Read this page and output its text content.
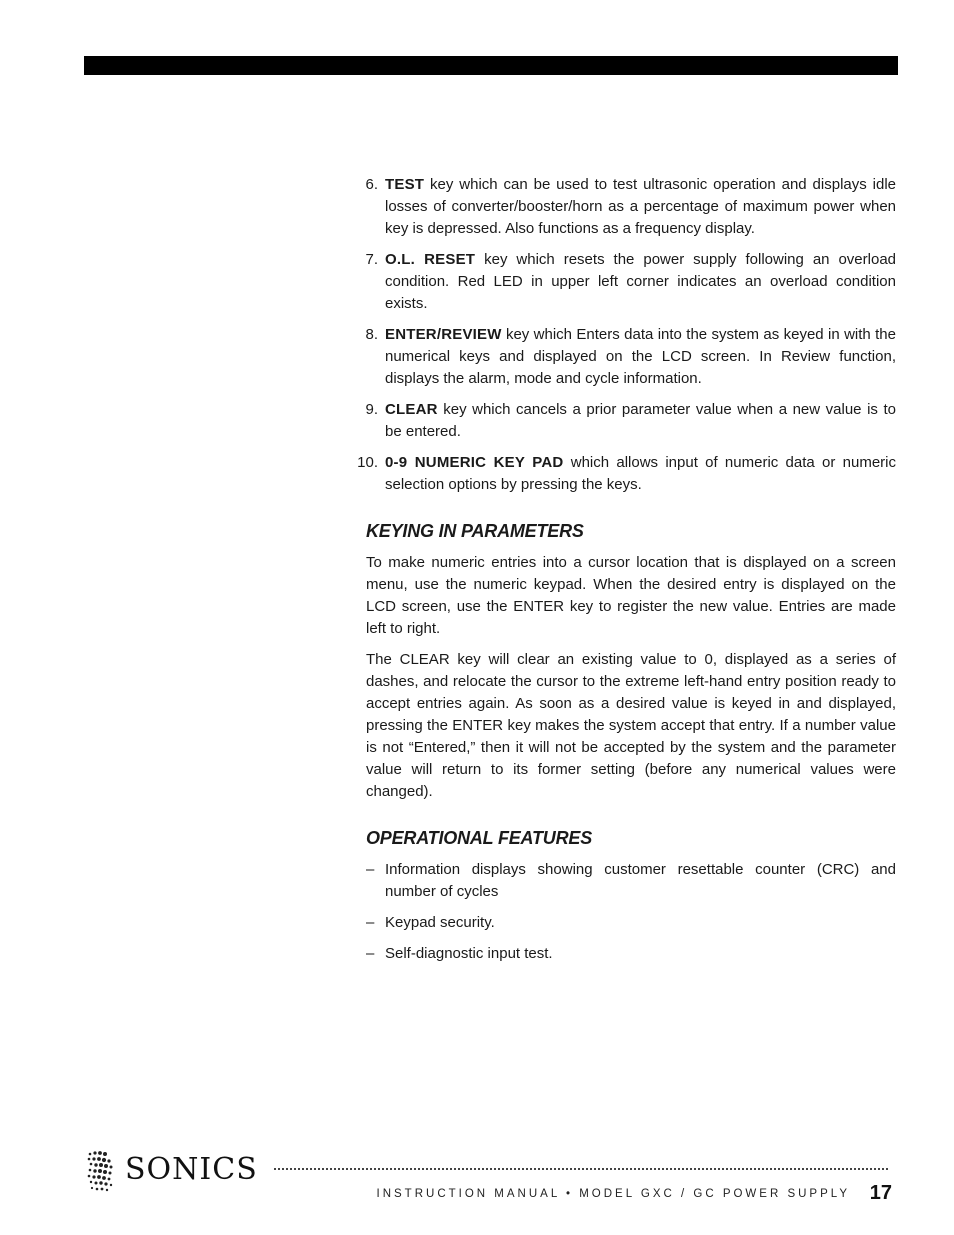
6. TEST key which can be used to test ultrasonic operation and displays idle losses of converter/booster/horn as a percentage of maximum power when key is depressed. Also functions as a frequency display.
7. O.L. RESET key which resets the power supply following an overload condition. Red LED in upper left corner indicates an overload condition exists.
8. ENTER/REVIEW key which Enters data into the system as keyed in with the numerical keys and displayed on the LCD screen. In Review function, displays the alarm, mode and cycle information.
9. CLEAR key which cancels a prior parameter value when a new value is to be entered.
10. 0-9 NUMERIC KEY PAD which allows input of numeric data or numeric selection options by pressing the keys.
KEYING IN PARAMETERS

To make numeric entries into a cursor location that is displayed on a screen menu, use the numeric keypad. When the desired entry is displayed on the LCD screen, use the ENTER key to register the new value. Entries are made left to right.

The CLEAR key will clear an existing value to 0, displayed as a series of dashes, and relocate the cursor to the extreme left-hand entry position ready to accept entries again. As soon as a desired value is keyed in and displayed, pressing the ENTER key makes the system accept that entry. If a number value is not “Entered,” then it will not be accepted by the system and the parameter value will return to its former setting (before any numerical values were changed).

OPERATIONAL FEATURES
– Information displays showing customer resettable counter (CRC) and number of cycles
– Keypad security.
– Self-diagnostic input test.
SONICS
INSTRUCTION MANUAL • MODEL GXC / GC POWER SUPPLY 17
